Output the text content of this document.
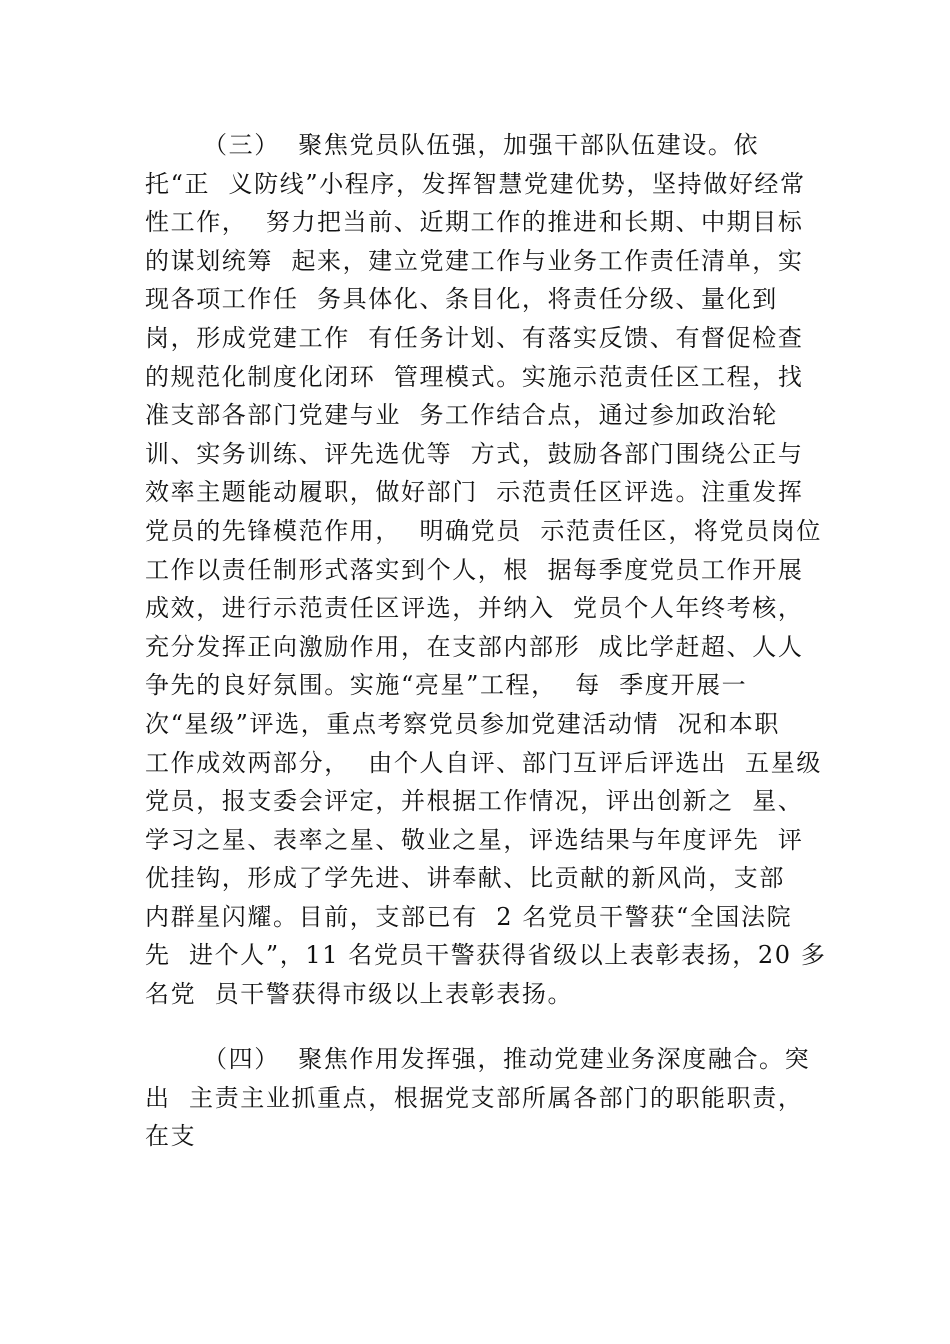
（三）  聚焦党员队伍强，加强干部队伍建设。依
托“正  义防线”小程序，发挥智慧党建优势，坚持做好经常
性工作，  努力把当前、近期工作的推进和长期、中期目标
的谋划统筹  起来，建立党建工作与业务工作责任清单，实
现各项工作任  务具体化、条目化，将责任分级、量化到
岗，形成党建工作  有任务计划、有落实反馈、有督促检查
的规范化制度化闭环  管理模式。实施示范责任区工程，找
准支部各部门党建与业  务工作结合点，通过参加政治轮
训、实务训练、评先选优等  方式，鼓励各部门围绕公正与
效率主题能动履职，做好部门  示范责任区评选。注重发挥
党员的先锋模范作用，  明确党员  示范责任区，将党员岗位
工作以责任制形式落实到个人，根  据每季度党员工作开展
成效，进行示范责任区评选，并纳入  党员个人年终考核，
充分发挥正向激励作用，在支部内部形  成比学赶超、人人
争先的良好氛围。实施“亮星”工程，  每  季度开展一
次“星级”评选，重点考察党员参加党建活动情  况和本职
工作成效两部分，  由个人自评、部门互评后评选出  五星级
党员，报支委会评定，并根据工作情况，评出创新之  星、
学习之星、表率之星、敬业之星，评选结果与年度评先  评
优挂钩，形成了学先进、讲奉献、比贡献的新风尚，支部
内群星闪耀。目前，支部已有  2 名党员干警获“全国法院
先  进个人”，11 名党员干警获得省级以上表彰表扬，20 多
名党  员干警获得市级以上表彰表扬。
（四）  聚焦作用发挥强，推动党建业务深度融合。突
出  主责主业抓重点，根据党支部所属各部门的职能职责，
在支
